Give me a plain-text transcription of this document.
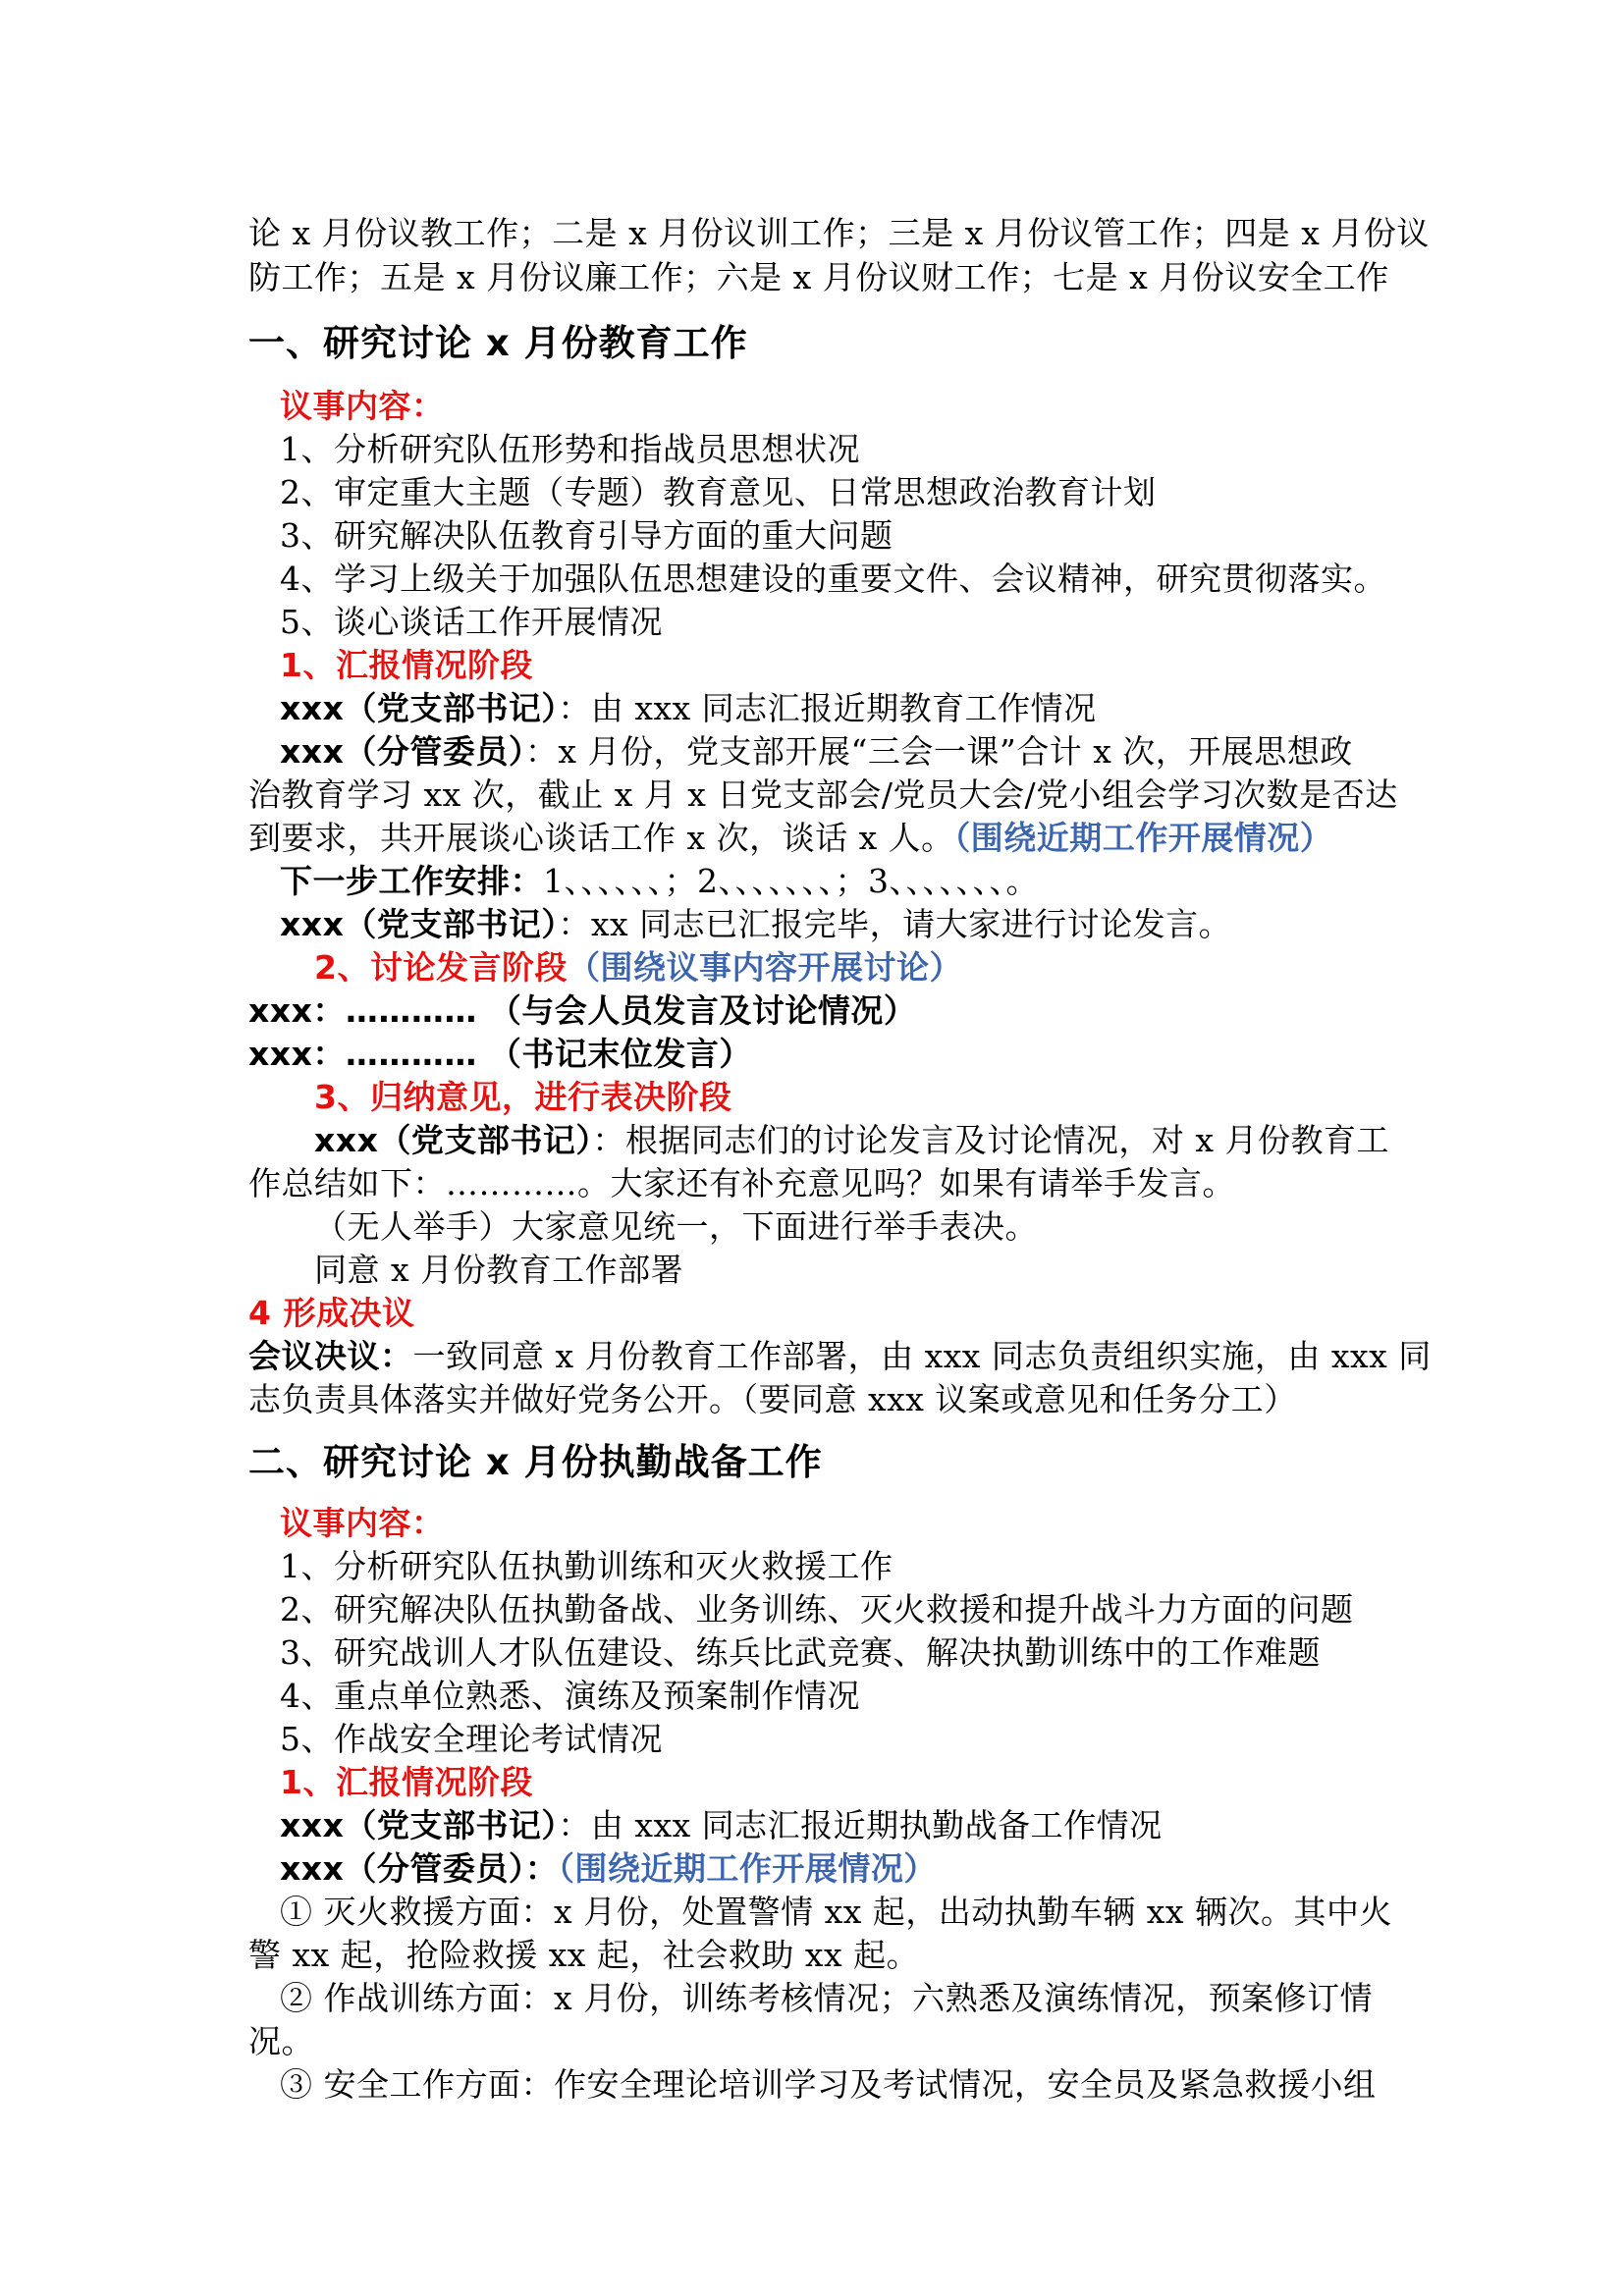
论 x 月份议教工作；二是 x 月份议训工作；三是 x 月份议管工作；四是 x 月份议
防工作；五是 x 月份议廉工作；六是 x 月份议财工作；七是 x 月份议安全工作
一、研究讨论 x 月份教育工作
议事内容：
1、分析研究队伍形势和指战员思想状况
2、审定重大主题（专题）教育意见、日常思想政治教育计划
3、研究解决队伍教育引导方面的重大问题
4、学习上级关于加强队伍思想建设的重要文件、会议精神，研究贯彻落实。
5、谈心谈话工作开展情况
1、汇报情况阶段
xxx（党支部书记）：由 xxx 同志汇报近期教育工作情况
xxx（分管委员）：x 月份，党支部开展“三会一课”合计 x 次，开展思想政
治教育学习 xx 次，截止 x 月 x 日党支部会/党员大会/党小组会学习次数是否达
到要求，共开展谈心谈话工作 x 次，谈话 x 人。（围绕近期工作开展情况）
下一步工作安排：1、、、、、、；2、、、、、、、；3、、、、、、、。
xxx（党支部书记）：xx 同志已汇报完毕，请大家进行讨论发言。
2、讨论发言阶段（围绕议事内容开展讨论）
xxx：………… （与会人员发言及讨论情况）
xxx：………… （书记末位发言）
3、归纳意见，进行表决阶段
xxx（党支部书记）：根据同志们的讨论发言及讨论情况，对 x 月份教育工
作总结如下：…………。大家还有补充意见吗？如果有请举手发言。
（无人举手）大家意见统一，下面进行举手表决。
同意 x 月份教育工作部署
4 形成决议
会议决议：一致同意 x 月份教育工作部署，由 xxx 同志负责组织实施，由 xxx 同
志负责具体落实并做好党务公开。（要同意 xxx 议案或意见和任务分工）
二、研究讨论 x 月份执勤战备工作
议事内容：
1、分析研究队伍执勤训练和灭火救援工作
2、研究解决队伍执勤备战、业务训练、灭火救援和提升战斗力方面的问题
3、研究战训人才队伍建设、练兵比武竞赛、解决执勤训练中的工作难题
4、重点单位熟悉、演练及预案制作情况
5、作战安全理论考试情况
1、汇报情况阶段
xxx（党支部书记）：由 xxx 同志汇报近期执勤战备工作情况
xxx（分管委员）：（围绕近期工作开展情况）
① 灭火救援方面：x 月份，处置警情 xx 起，出动执勤车辆 xx 辆次。其中火
警 xx 起，抢险救援 xx 起，社会救助 xx 起。
② 作战训练方面：x 月份，训练考核情况；六熟悉及演练情况，预案修订情
况。
③ 安全工作方面：作安全理论培训学习及考试情况，安全员及紧急救援小组
